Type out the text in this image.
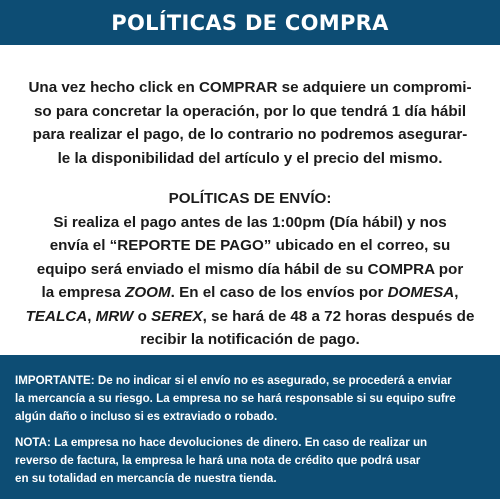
POLÍTICAS DE COMPRA
Una vez hecho click en COMPRAR se adquiere un compromi-
so para concretar la operación, por lo que tendrá 1 día hábil
para realizar el pago, de lo contrario no podremos asegurar-
le la disponibilidad del artículo y el precio del mismo.
POLÍTICAS DE ENVÍO:
Si realiza el pago antes de las 1:00pm (Día hábil) y nos
envía el “REPORTE DE PAGO” ubicado en el correo, su
equipo será enviado el mismo día hábil de su COMPRA por
la empresa ZOOM. En el caso de los envíos por DOMESA,
TEALCA, MRW o SEREX, se hará de 48 a 72 horas después de
recibir la notificación de pago.
IMPORTANTE: De no indicar si el envío no es asegurado, se procederá a enviar
la mercancía a su riesgo. La empresa no se hará responsable si su equipo sufre
algún daño o incluso si es extraviado o robado.
NOTA: La empresa no hace devoluciones de dinero. En caso de realizar un
reverso de factura, la empresa le hará una nota de crédito que podrá usar
en su totalidad en mercancía de nuestra tienda.
